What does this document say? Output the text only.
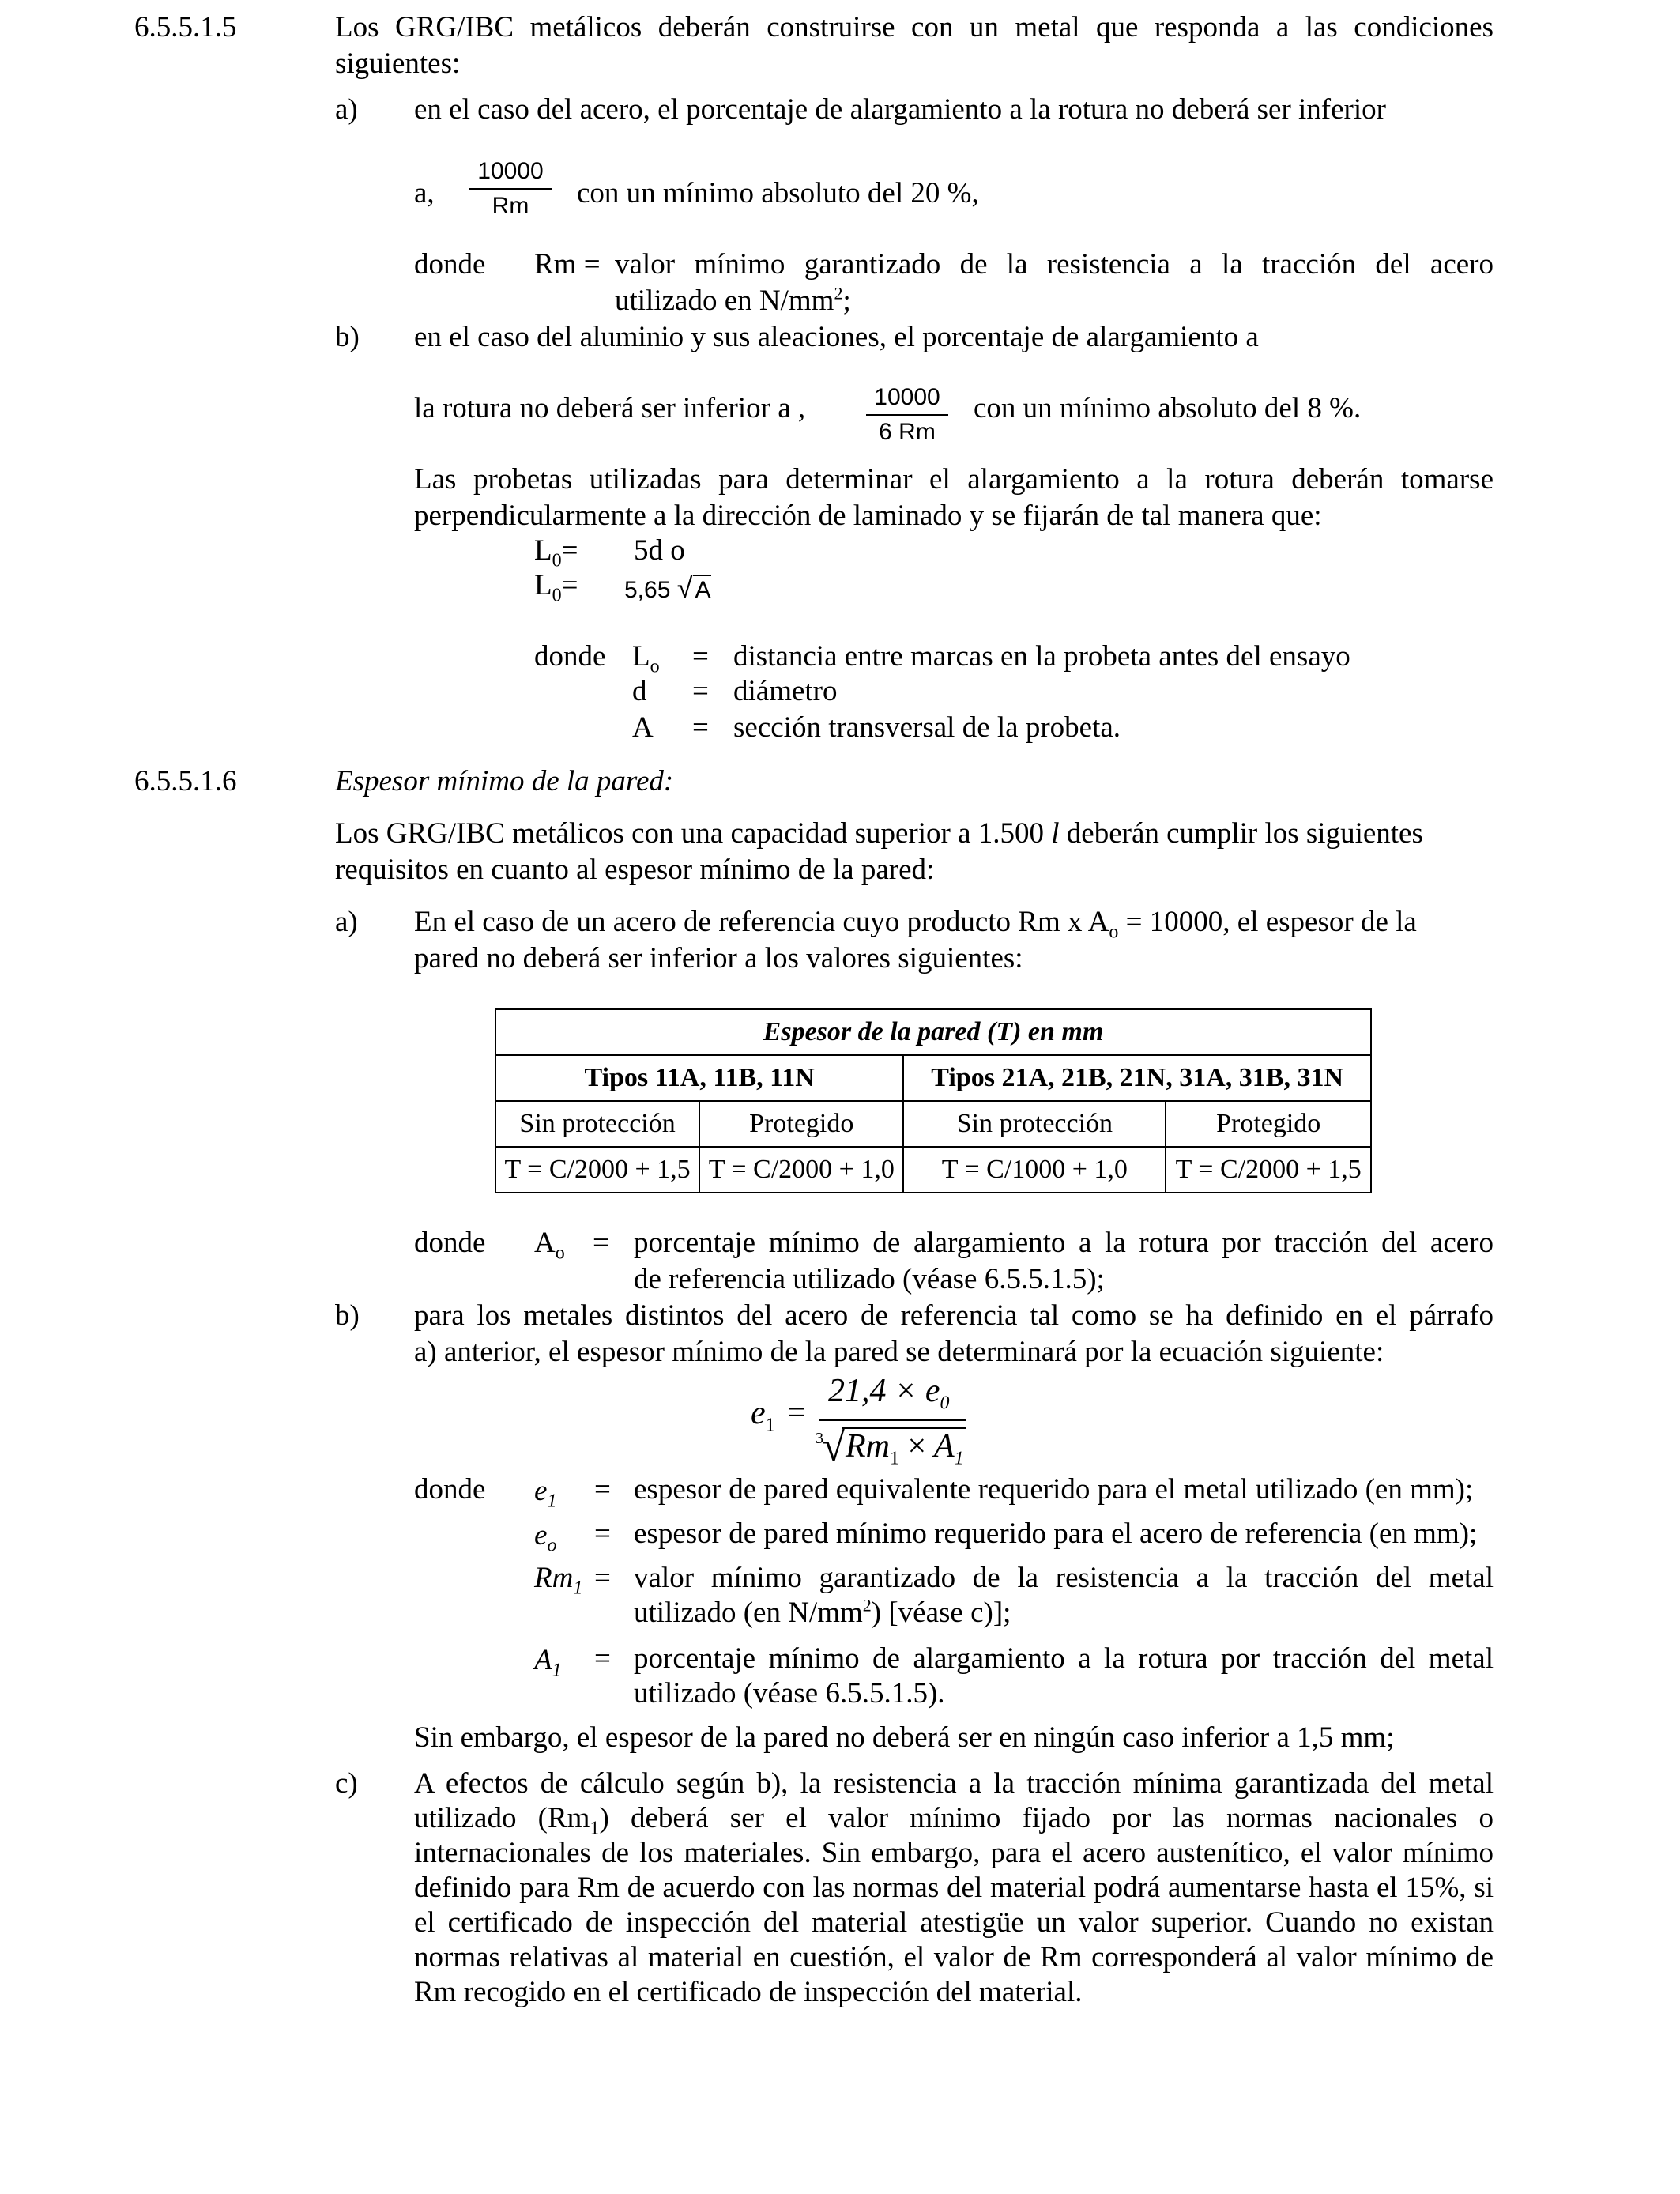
6.5.5.1.5	Los GRG/IBC metálicos deberán construirse con un metal que responda a las condiciones
siguientes:
a) en el caso del acero, el porcentaje de alargamiento a la rotura no deberá ser inferior
a, $\frac{10000}{Rm}$ con un mínimo absoluto del 20 %,
donde Rm = valor mínimo garantizado de la resistencia a la tracción del acero
utilizado en $N/mm^2$;
b) en el caso del aluminio y sus aleaciones, el porcentaje de alargamiento a
la rotura no deberá ser inferior a ,	$\frac{10000}{6 Rm}$ con un mínimo absoluto del 8 %.
Las probetas utilizadas para determinar el alargamiento a la rotura deberán tomarse
perpendicularmente a la dirección de laminado y se fijarán de tal manera que:
$L_0= 5d$ o
$L_0= 5,65$ √ A
donde $L_o$ = distancia entre marcas en la probeta antes del ensayo
d = diámetro
A = sección transversal de la probeta.
6.5.5.1.6	Espesor mínimo de la pared:
Los GRG/IBC metálicos con una capacidad superior a 1.500 l deberán cumplir los siguientes
requisitos en cuanto al espesor mínimo de la pared:
a) En el caso de un acero de referencia cuyo producto Rm x $A_o = 10000$, el espesor de la
pared no deberá ser inferior a los valores siguientes:
Espesor de la pared (T) en mm			
Tipos 11A, 11B, 11N		Tipos 21A, 21B, 21N, 31A, 31B, 31N	
Sin protección	Protegido	Sin protección	Protegido
T = C/2000 + 1,5	T = C/2000 + 1,0	T = C/1000 + 1,0	T = C/2000 + 1,5
donde $A_o$ = porcentaje mínimo de alargamiento a la rotura por tracción del acero
de referencia utilizado (véase 6.5.5.1.5);
b) para los metales distintos del acero de referencia tal como se ha definido en el párrafo
a) anterior, el espesor mínimo de la pared se determinará por la ecuación siguiente:
$e_1$ =
$21,4 \times e_0$
3
√ $Rm_1 \times A_1$
donde $e_1$ = espesor de pared equivalente requerido para el metal utilizado (en mm);
$e_o$ = espesor de pared mínimo requerido para el acero de referencia (en mm);
$Rm_1$ = valor mínimo garantizado de la resistencia a la tracción del metal
utilizado (en $N/mm^2$) [véase c)];
$A_1$ = porcentaje mínimo de alargamiento a la rotura por tracción del metal
utilizado (véase 6.5.5.1.5).
Sin embargo, el espesor de la pared no deberá ser en ningún caso inferior a 1,5 mm;
c) A efectos de cálculo según b), la resistencia a la tracción mínima garantizada del metal
utilizado $(Rm_1)$ deberá ser el valor mínimo fijado por las normas nacionales o
internacionales de los materiales. Sin embargo, para el acero austenítico, el valor mínimo
definido para Rm de acuerdo con las normas del material podrá aumentarse hasta el 15%, si
el certificado de inspección del material atestigüe un valor superior. Cuando no existan
normas relativas al material en cuestión, el valor de Rm corresponderá al valor mínimo de
Rm recogido en el certificado de inspección del material.
